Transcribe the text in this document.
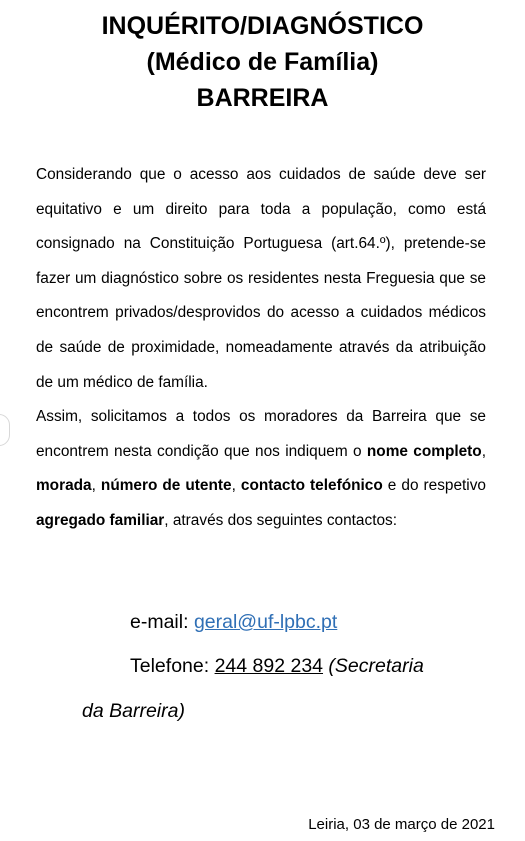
INQUÉRITO/DIAGNÓSTICO
(Médico de Família)
BARREIRA

Considerando que o acesso aos cuidados de saúde deve ser equitativo e um direito para toda a população, como está consignado na Constituição Portuguesa (art.64.º), pretende-se fazer um diagnóstico sobre os residentes nesta Freguesia que se encontrem privados/desprovidos do acesso a cuidados médicos de saúde de proximidade, nomeadamente através da atribuição de um médico de família.

Assim, solicitamos a todos os moradores da Barreira que se encontrem nesta condição que nos indiquem o nome completo, morada, número de utente, contacto telefónico e do respetivo agregado familiar, através dos seguintes contactos:

e-mail: geral@uf-lpbc.pt
Telefone: 244 892 234 (Secretaria
da Barreira)
Leiria, 03 de março de 2021
